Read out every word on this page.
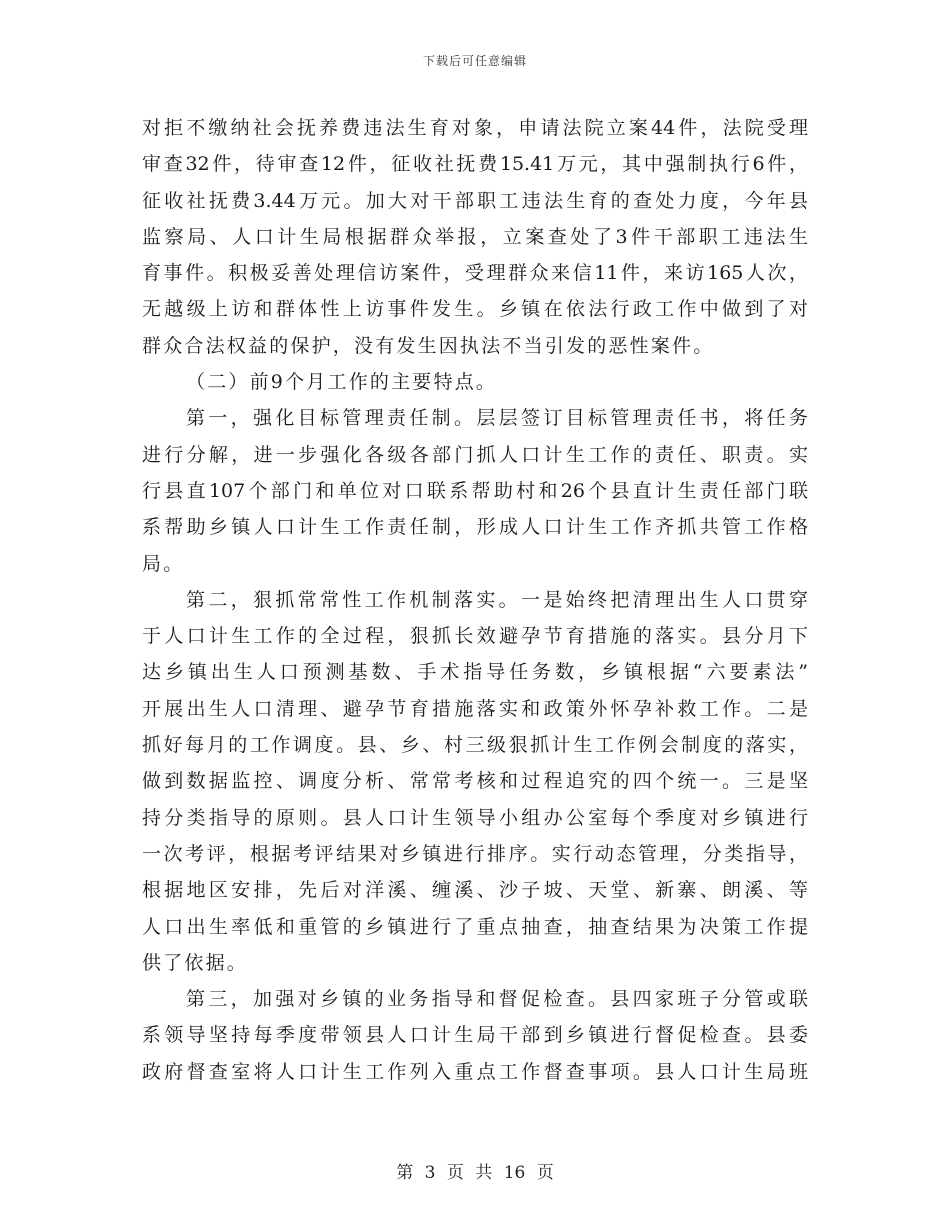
下载后可任意编辑
对拒不缴纳社会抚养费违法生育对象，申请法院立案44件，法院受理
审查32件，待审查12件，征收社抚费15.41万元，其中强制执行6件，
征收社抚费3.44万元。加大对干部职工违法生育的查处力度，今年县
监察局、人口计生局根据群众举报，立案查处了3件干部职工违法生
育事件。积极妥善处理信访案件，受理群众来信11件，来访165人次，
无越级上访和群体性上访事件发生。乡镇在依法行政工作中做到了对
群众合法权益的保护，没有发生因执法不当引发的恶性案件。
（二）前9个月工作的主要特点。
第一，强化目标管理责任制。层层签订目标管理责任书，将任务
进行分解，进一步强化各级各部门抓人口计生工作的责任、职责。实
行县直107个部门和单位对口联系帮助村和26个县直计生责任部门联
系帮助乡镇人口计生工作责任制，形成人口计生工作齐抓共管工作格
局。
第二，狠抓常常性工作机制落实。一是始终把清理出生人口贯穿
于人口计生工作的全过程，狠抓长效避孕节育措施的落实。县分月下
达乡镇出生人口预测基数、手术指导任务数，乡镇根据“六要素法”
开展出生人口清理、避孕节育措施落实和政策外怀孕补救工作。二是
抓好每月的工作调度。县、乡、村三级狠抓计生工作例会制度的落实，
做到数据监控、调度分析、常常考核和过程追究的四个统一。三是坚
持分类指导的原则。县人口计生领导小组办公室每个季度对乡镇进行
一次考评，根据考评结果对乡镇进行排序。实行动态管理，分类指导，
根据地区安排，先后对洋溪、缠溪、沙子坡、天堂、新寨、朗溪、等
人口出生率低和重管的乡镇进行了重点抽查，抽查结果为决策工作提
供了依据。
第三，加强对乡镇的业务指导和督促检查。县四家班子分管或联
系领导坚持每季度带领县人口计生局干部到乡镇进行督促检查。县委
政府督查室将人口计生工作列入重点工作督查事项。县人口计生局班
第 3 页 共 16 页
